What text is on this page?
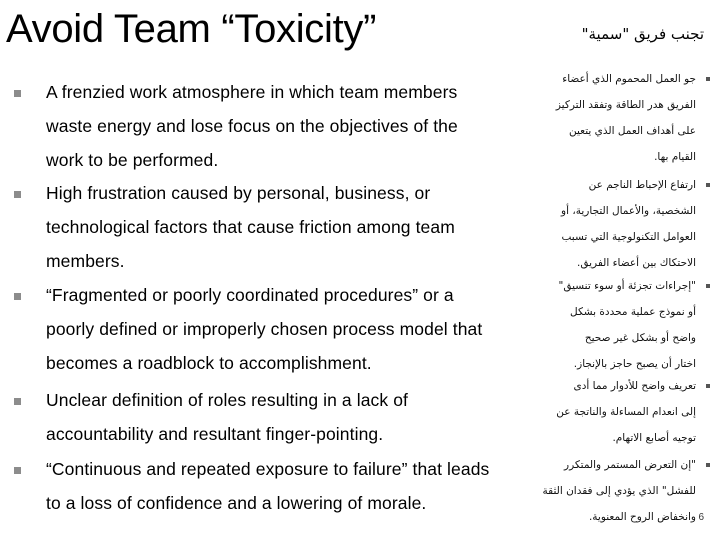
Avoid Team “Toxicity”	تجنب فريق "سمية"
A frenzied work atmosphere in which team members
waste energy and lose focus on the objectives of the
work to be performed.
High frustration caused by personal, business, or
technological factors that cause friction among team
members.
“Fragmented or poorly coordinated procedures” or a
poorly defined or improperly chosen process model that
becomes a roadblock to accomplishment.
Unclear definition of roles resulting in a lack of
accountability and resultant finger-pointing.
“Continuous and repeated exposure to failure” that leads
to a loss of confidence and a lowering of morale.
جو العمل المحموم الذي أعضاء
الفريق هدر الطاقة وتفقد التركيز
على أهداف العمل الذي يتعين
القيام بها.
ارتفاع الإحباط الناجم عن
الشخصية، والأعمال التجارية، أو
العوامل التكنولوجية التي تسبب
الاحتكاك بين أعضاء الفريق.
"إجراءات تجزئة أو سوء تنسيق"
أو نموذج عملية محددة بشكل
واضح أو بشكل غير صحيح
اختار أن يصبح حاجز بالإنجاز.
تعريف واضح للأدوار مما أدى
إلى انعدام المساءلة والناتجة عن
توجيه أصابع الاتهام.
"إن التعرض المستمر والمتكرر
للفشل" الذي يؤدي إلى فقدان الثقة
وانخفاض الروح المعنوية. 6
